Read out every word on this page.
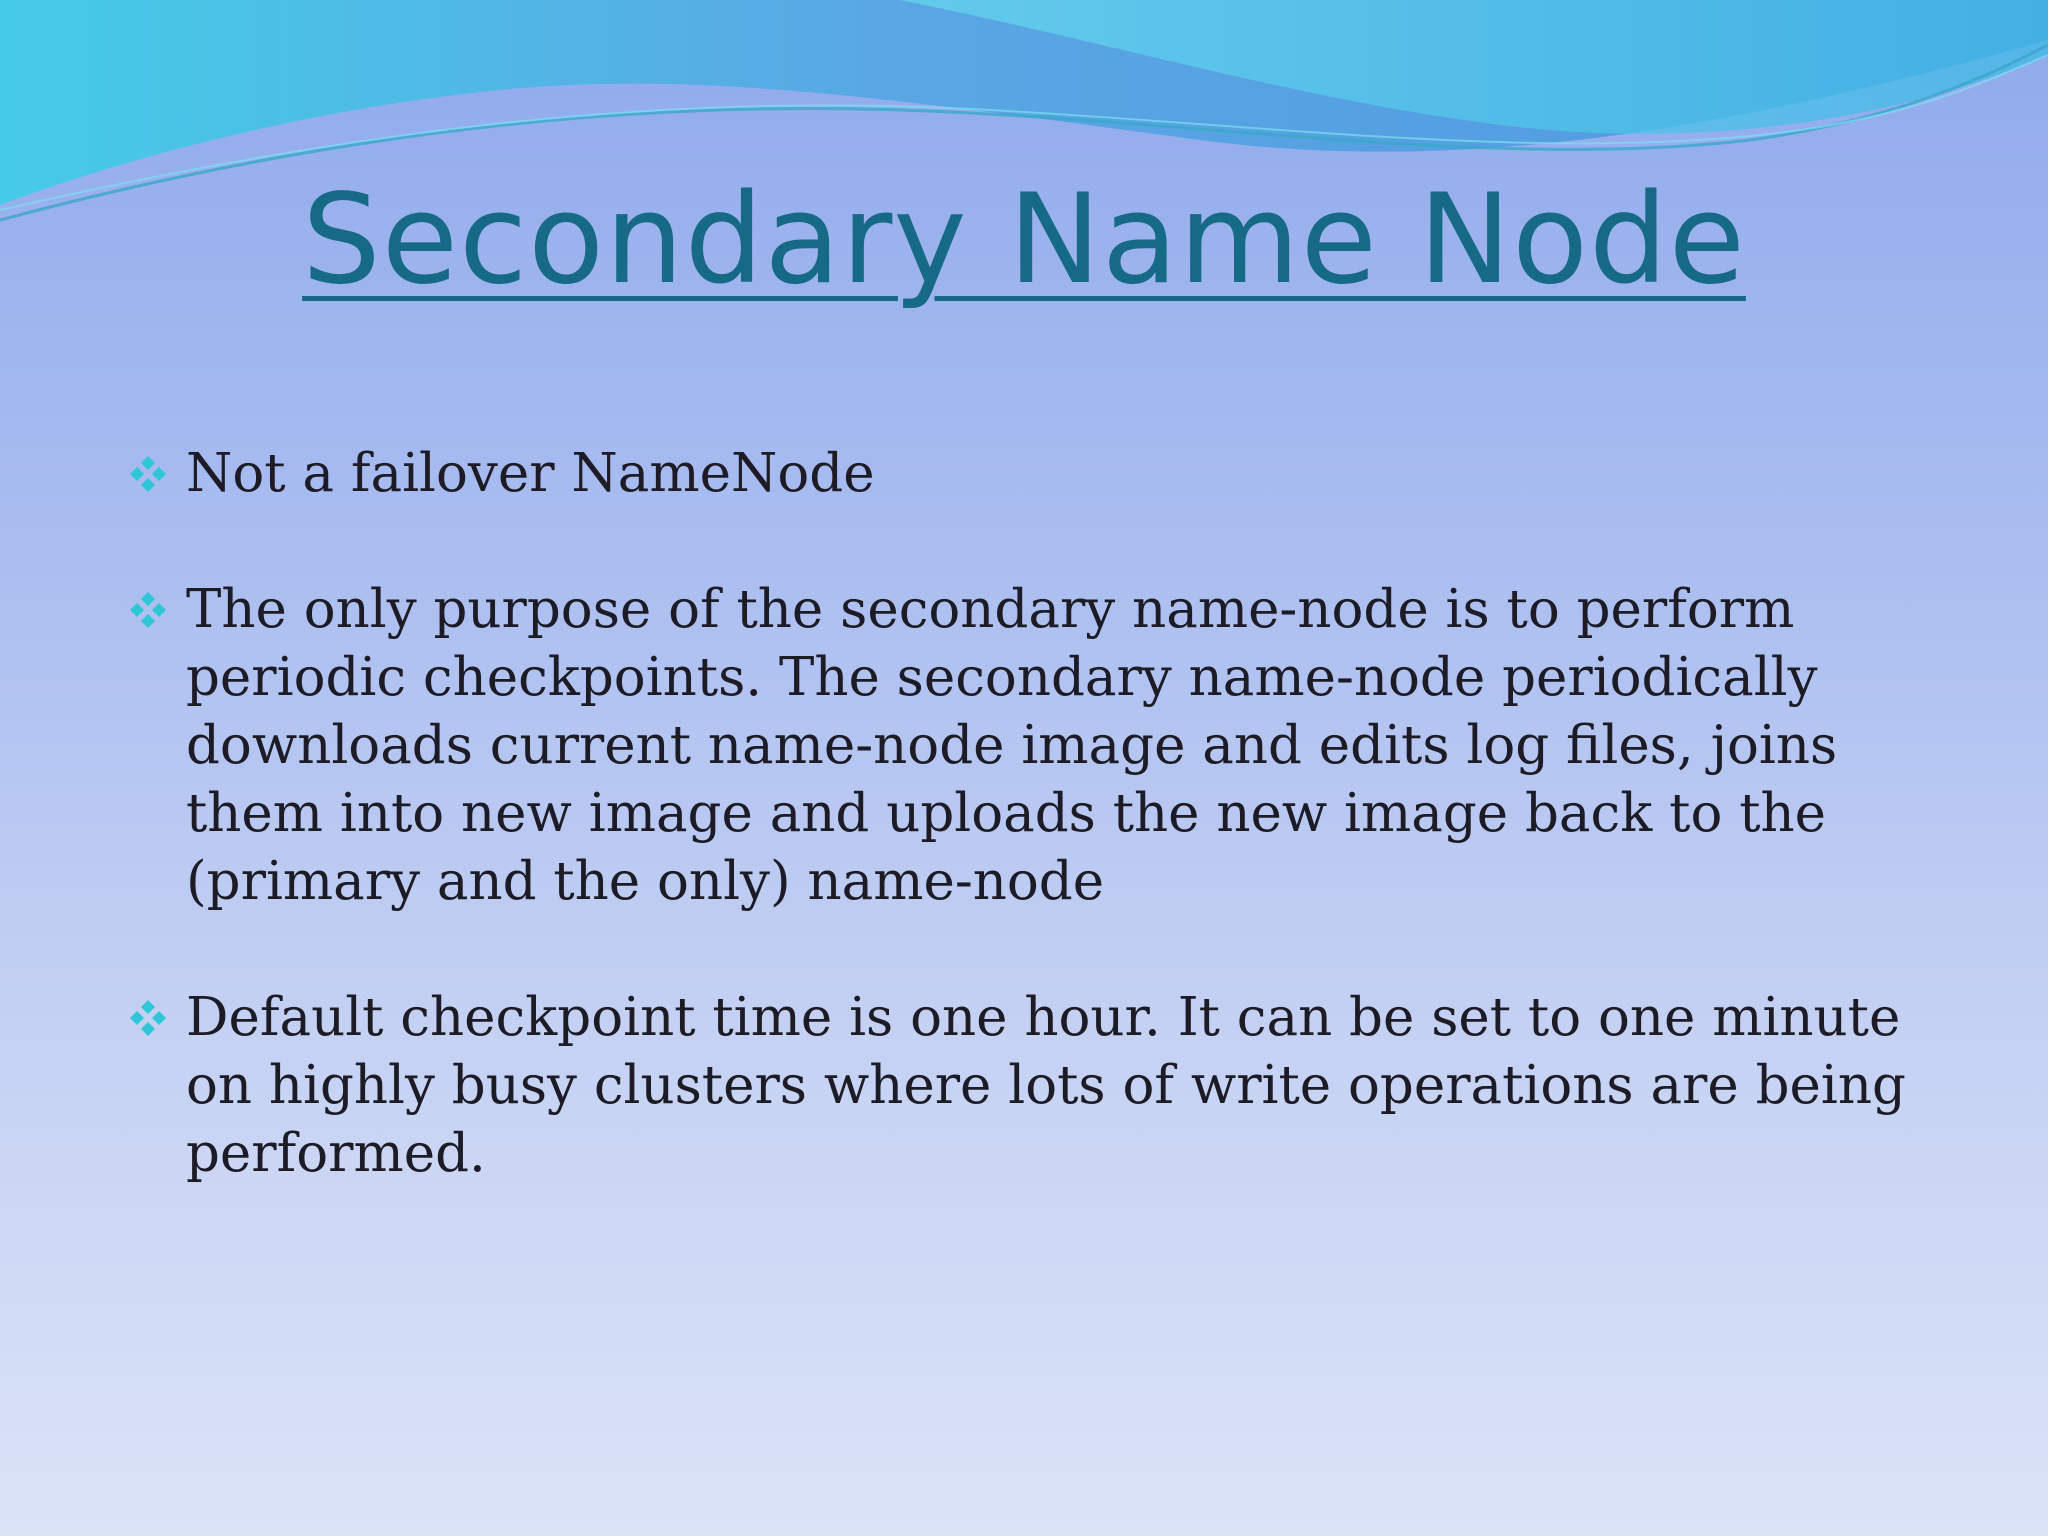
Secondary Name Node

Not a failover NameNode

The only purpose of the secondary name-node is to perform periodic checkpoints. The secondary name-node periodically downloads current name-node image and edits log files, joins them into new image and uploads the new image back to the (primary and the only) name-node

Default checkpoint time is one hour. It can be set to one minute on highly busy clusters where lots of write operations are being performed.
